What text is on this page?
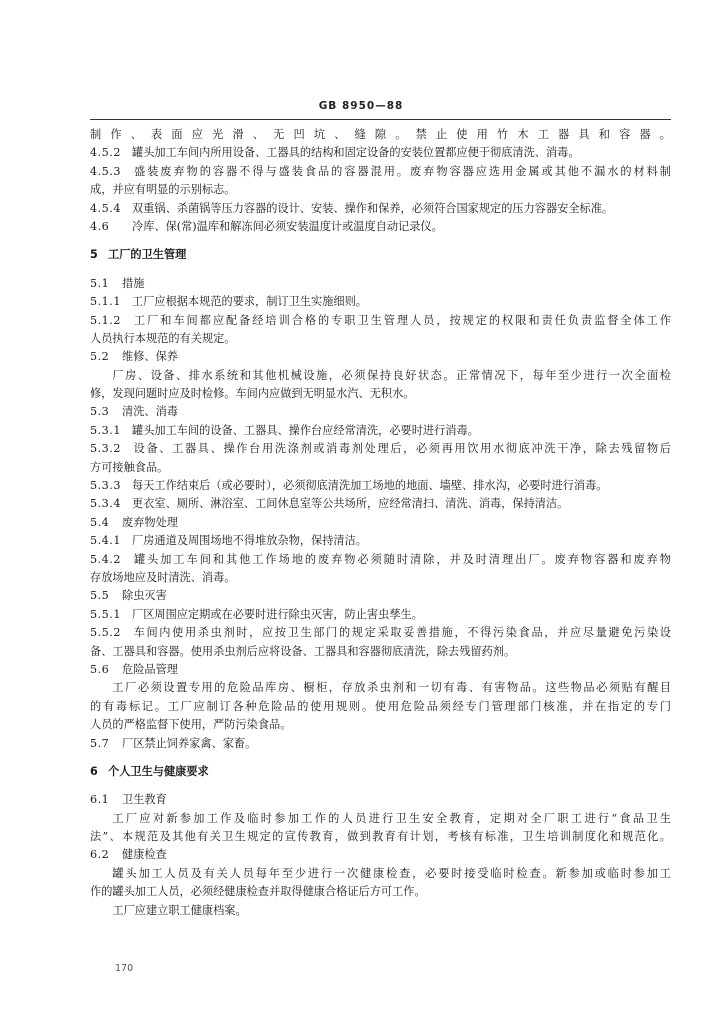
GB 8950—88
制作、表面应光滑、无凹坑、缝隙。禁止使用竹木工器具和容器。
4.5.2 罐头加工车间内所用设备、工器具的结构和固定设备的安装位置都应便于彻底清洗、消毒。
4.5.3 盛装废弃物的容器不得与盛装食品的容器混用。废弃物容器应选用金属或其他不漏水的材料制
成，并应有明显的示别标志。
4.5.4 双重锅、杀菌锅等压力容器的设计、安装、操作和保养，必须符合国家规定的压力容器安全标准。
4.6 冷库、保(常)温库和解冻间必须安装温度计或温度自动记录仪。
5 工厂的卫生管理
5.1 措施
5.1.1 工厂应根据本规范的要求，制订卫生实施细则。
5.1.2 工厂和车间都应配备经培训合格的专职卫生管理人员，按规定的权限和责任负责监督全体工作
人员执行本规范的有关规定。
5.2 维修、保养
厂房、设备、排水系统和其他机械设施，必须保持良好状态。正常情况下，每年至少进行一次全面检
修，发现问题时应及时检修。车间内应做到无明显水汽、无积水。
5.3 清洗、消毒
5.3.1 罐头加工车间的设备、工器具、操作台应经常清洗，必要时进行消毒。
5.3.2 设备、工器具、操作台用洗涤剂或消毒剂处理后，必须再用饮用水彻底冲洗干净，除去残留物后
方可接触食品。
5.3.3 每天工作结束后（或必要时），必须彻底清洗加工场地的地面、墙壁、排水沟，必要时进行消毒。
5.3.4 更衣室、厕所、淋浴室、工间休息室等公共场所，应经常清扫、清洗、消毒，保持清洁。
5.4 废弃物处理
5.4.1 厂房通道及周围场地不得堆放杂物，保持清洁。
5.4.2 罐头加工车间和其他工作场地的废弃物必须随时清除，并及时清理出厂。废弃物容器和废弃物
存放场地应及时清洗、消毒。
5.5 除虫灭害
5.5.1 厂区周围应定期或在必要时进行除虫灭害，防止害虫孳生。
5.5.2 车间内使用杀虫剂时，应按卫生部门的规定采取妥善措施，不得污染食品，并应尽量避免污染设
备、工器具和容器。使用杀虫剂后应将设备、工器具和容器彻底清洗，除去残留药剂。
5.6 危险品管理
工厂必须设置专用的危险品库房、橱柜，存放杀虫剂和一切有毒、有害物品。这些物品必须贴有醒目
的有毒标记。工厂应制订各种危险品的使用规则。使用危险品须经专门管理部门核准，并在指定的专门
人员的严格监督下使用，严防污染食品。
5.7 厂区禁止饲养家禽、家畜。
6 个人卫生与健康要求
6.1 卫生教育
工厂应对新参加工作及临时参加工作的人员进行卫生安全教育，定期对全厂职工进行“食品卫生
法”、本规范及其他有关卫生规定的宣传教育，做到教育有计划，考核有标准，卫生培训制度化和规范化。
6.2 健康检查
罐头加工人员及有关人员每年至少进行一次健康检查，必要时接受临时检查。新参加或临时参加工
作的罐头加工人员，必须经健康检查并取得健康合格证后方可工作。
工厂应建立职工健康档案。
170
